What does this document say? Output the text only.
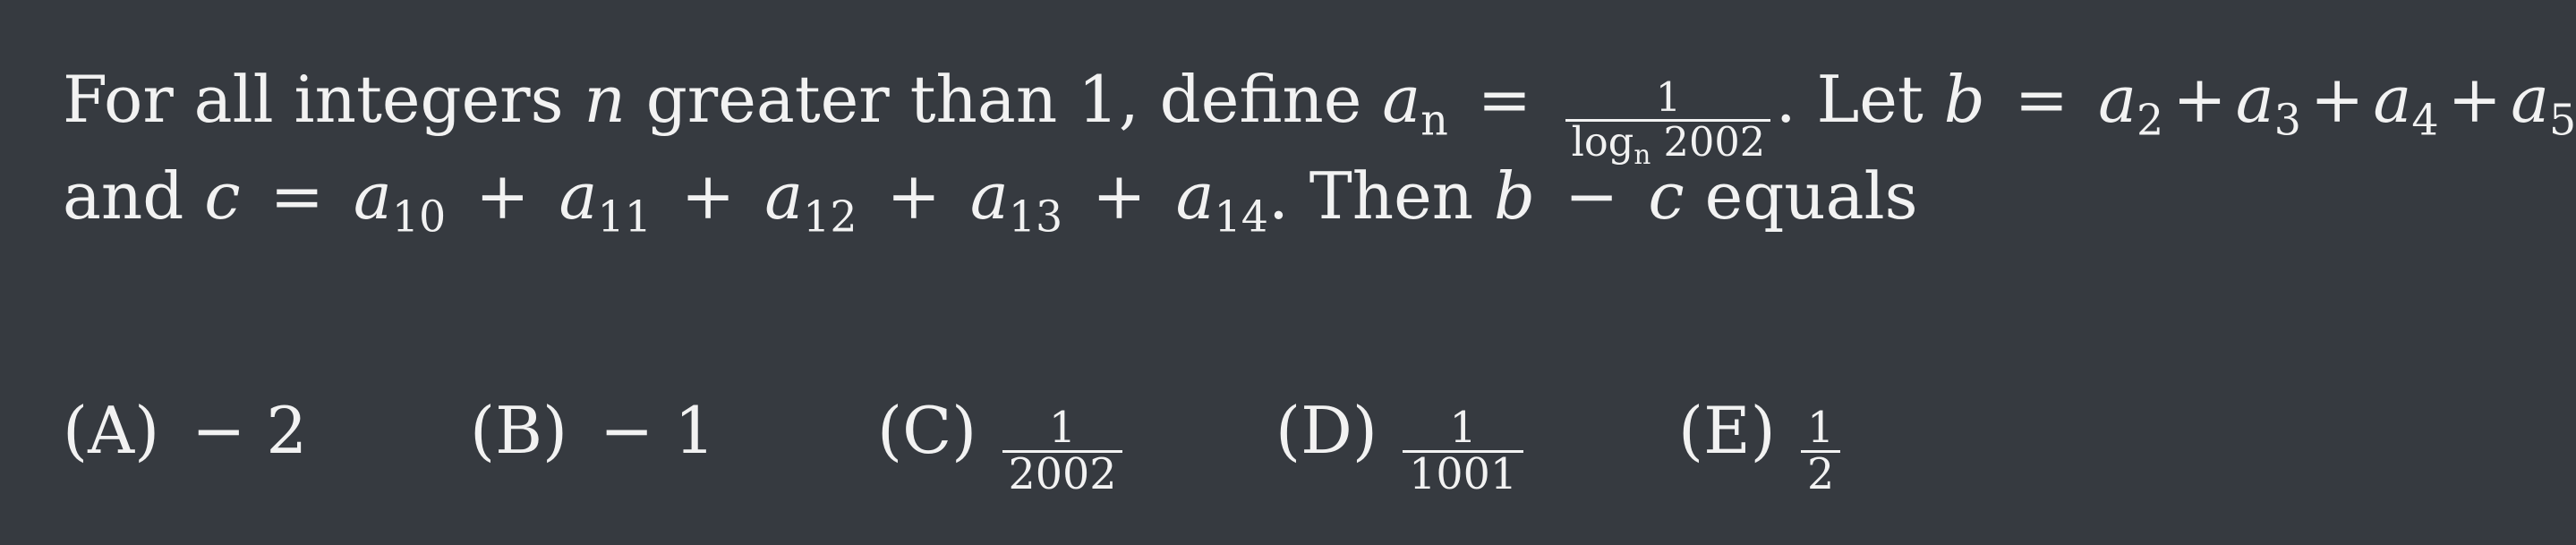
For all integers n greater than 1, define $a_n = \frac{1}{\log_n 2002}$ . Let $b = a_2 + a_3 + a_4 + a_5$
and $c = a_{10} + a_{11} + a_{12} + a_{13} + a_{14}$. Then b − c equals
(A) − 2	(B) − 1	$(C) \frac{1}{2002} (D) \frac{1}{1001} (E) \frac{1}{2}$
